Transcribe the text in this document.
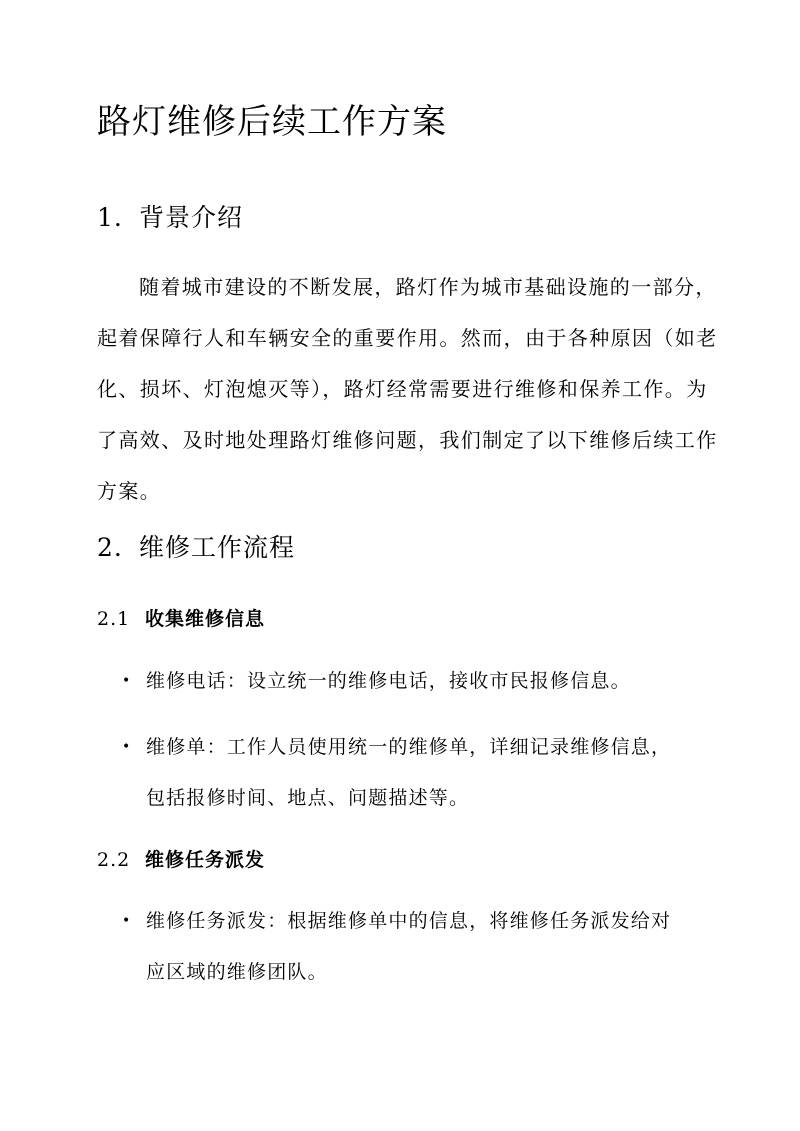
路灯维修后续工作方案
1. 背景介绍
随着城市建设的不断发展，路灯作为城市基础设施的一部分，
起着保障行人和车辆安全的重要作用。然而，由于各种原因（如老
化、损坏、灯泡熄灭等），路灯经常需要进行维修和保养工作。为
了高效、及时地处理路灯维修问题，我们制定了以下维修后续工作
方案。
2. 维修工作流程
2.1 收集维修信息
• 维修电话：设立统一的维修电话，接收市民报修信息。
• 维修单：工作人员使用统一的维修单，详细记录维修信息，
包括报修时间、地点、问题描述等。
2.2 维修任务派发
• 维修任务派发：根据维修单中的信息，将维修任务派发给对
应区域的维修团队。
